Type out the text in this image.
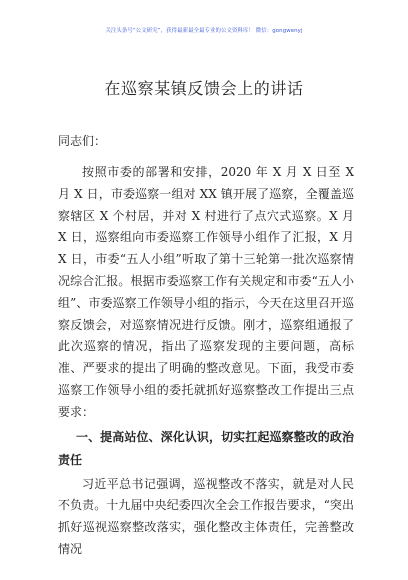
关注头条号“公文研究”，获得最新最全最专业的公文资料库！ 微信：gongwenyj
在巡察某镇反馈会上的讲话
同志们：

按照市委的部署和安排，2020 年 X 月 X 日至 X 月 X 日，市委巡察一组对 XX 镇开展了巡察，全覆盖巡察辖区 X 个村居，并对 X 村进行了点穴式巡察。X 月 X 日，巡察组向市委巡察工作领导小组作了汇报，X 月 X 日，市委“五人小组”听取了第十三轮第一批次巡察情况综合汇报。根据市委巡察工作有关规定和市委“五人小组”、市委巡察工作领导小组的指示，今天在这里召开巡察反馈会，对巡察情况进行反馈。刚才，巡察组通报了此次巡察的情况，指出了巡察发现的主要问题，高标准、严要求的提出了明确的整改意见。下面，我受市委巡察工作领导小组的委托就抓好巡察整改工作提出三点要求：

一、提高站位、深化认识，切实扛起巡察整改的政治责任

习近平总书记强调，巡视整改不落实，就是对人民不负责。十九届中央纪委四次全会工作报告要求，“突出抓好巡视巡察整改落实，强化整改主体责任，完善整改情况
